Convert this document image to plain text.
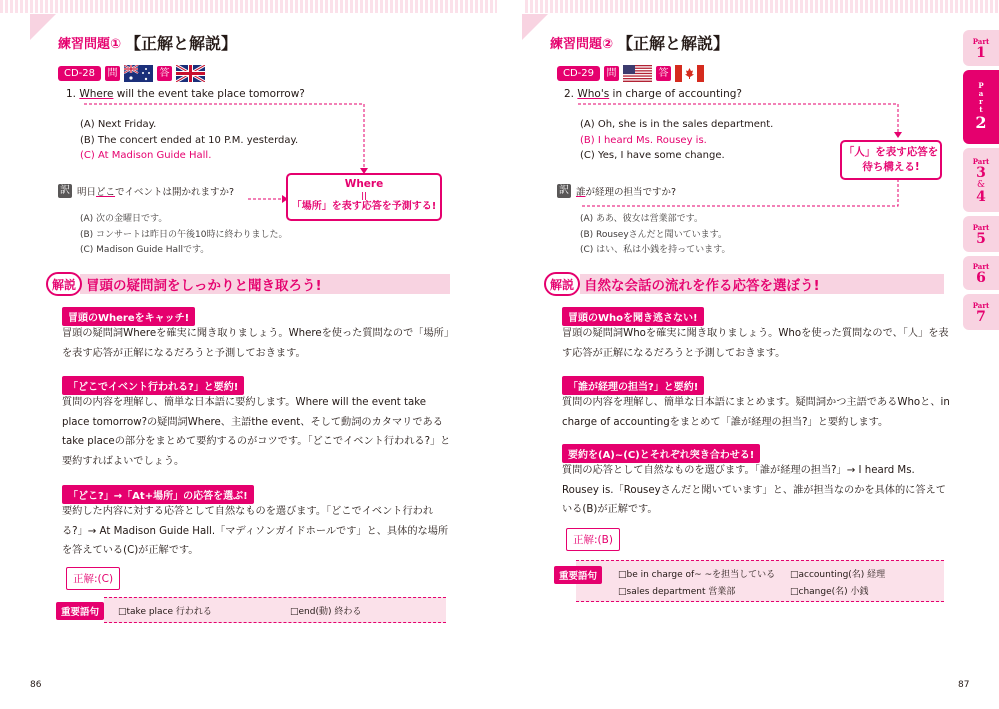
練習問題① 【正解と解説】
CD-28	問	答
1. Where will the event take place tomorrow?
(A) Next Friday.
(B) The concert ended at 10 P.M. yesterday.
(C) At Madison Guide Hall.
訳 明日 どこ でイベントは開かれますか?
(A) 次の金曜日です。
(B) コンサートは昨日の午後10時に終わりました。
(C) Madison Guide Hallです。
Where
||
「場所」を表す応答を予測する!
解説 冒頭の疑問詞をしっかりと聞き取ろう!
冒頭のWhereをキャッチ!
冒頭の疑問詞Whereを確実に聞き取りましょう。Whereを使った質問なので「場所」を表す応答が正解になるだろうと予測しておきます。
「どこでイベント行われる?」と要約!
質問の内容を理解し、簡単な日本語に要約します。Where will the event take place tomorrow?の疑問詞Where、主語the event、そして動詞のカタマリであるtake placeの部分をまとめて要約するのがコツです。「どこでイベント行われる?」と要約すればよいでしょう。
「どこ?」→「At+場所」の応答を選ぶ!
要約した内容に対する応答として自然なものを選びます。「どこでイベント行われる?」→ At Madison Guide Hall.「マディソンガイドホールです」と、具体的な場所を答えている(C)が正解です。
正解:(C)
重要語句	□take place 行われる	□end(動) 終わる
86
練習問題② 【正解と解説】
CD-29	問	答
2. Who's in charge of accounting?
(A) Oh, she is in the sales department.
(B) I heard Ms. Rousey is.
(C) Yes, I have some change.
訳 誰 が経理の担当ですか?
(A) ああ、彼女は営業部です。
(B) Rouseyさんだと聞いています。
(C) はい、私は小銭を持っています。
「人」を表す応答を
待ち構える!
解説 自然な会話の流れを作る応答を選ぼう!
冒頭のWhoを聞き逃さない!
冒頭の疑問詞Whoを確実に聞き取りましょう。Whoを使った質問なので、「人」を表す応答が正解になるだろうと予測しておきます。
「誰が経理の担当?」と要約!
質問の内容を理解し、簡単な日本語にまとめます。疑問詞かつ主語であるWhoと、in charge of accountingをまとめて「誰が経理の担当?」と要約します。
要約を(A)~(C)とそれぞれ突き合わせる!
質問の応答として自然なものを選びます。「誰が経理の担当?」→ I heard Ms. Rousey is.「Rouseyさんだと聞いています」と、誰が担当なのかを具体的に答えている(B)が正解です。
正解:(B)
重要語句	□be in charge of~ ~を担当している □accounting(名) 経理
□sales department 営業部	□change(名) 小銭
87
Part
1
P
a
r
t
2
Part
3
&
4
Part
5
Part
6
Part
7
